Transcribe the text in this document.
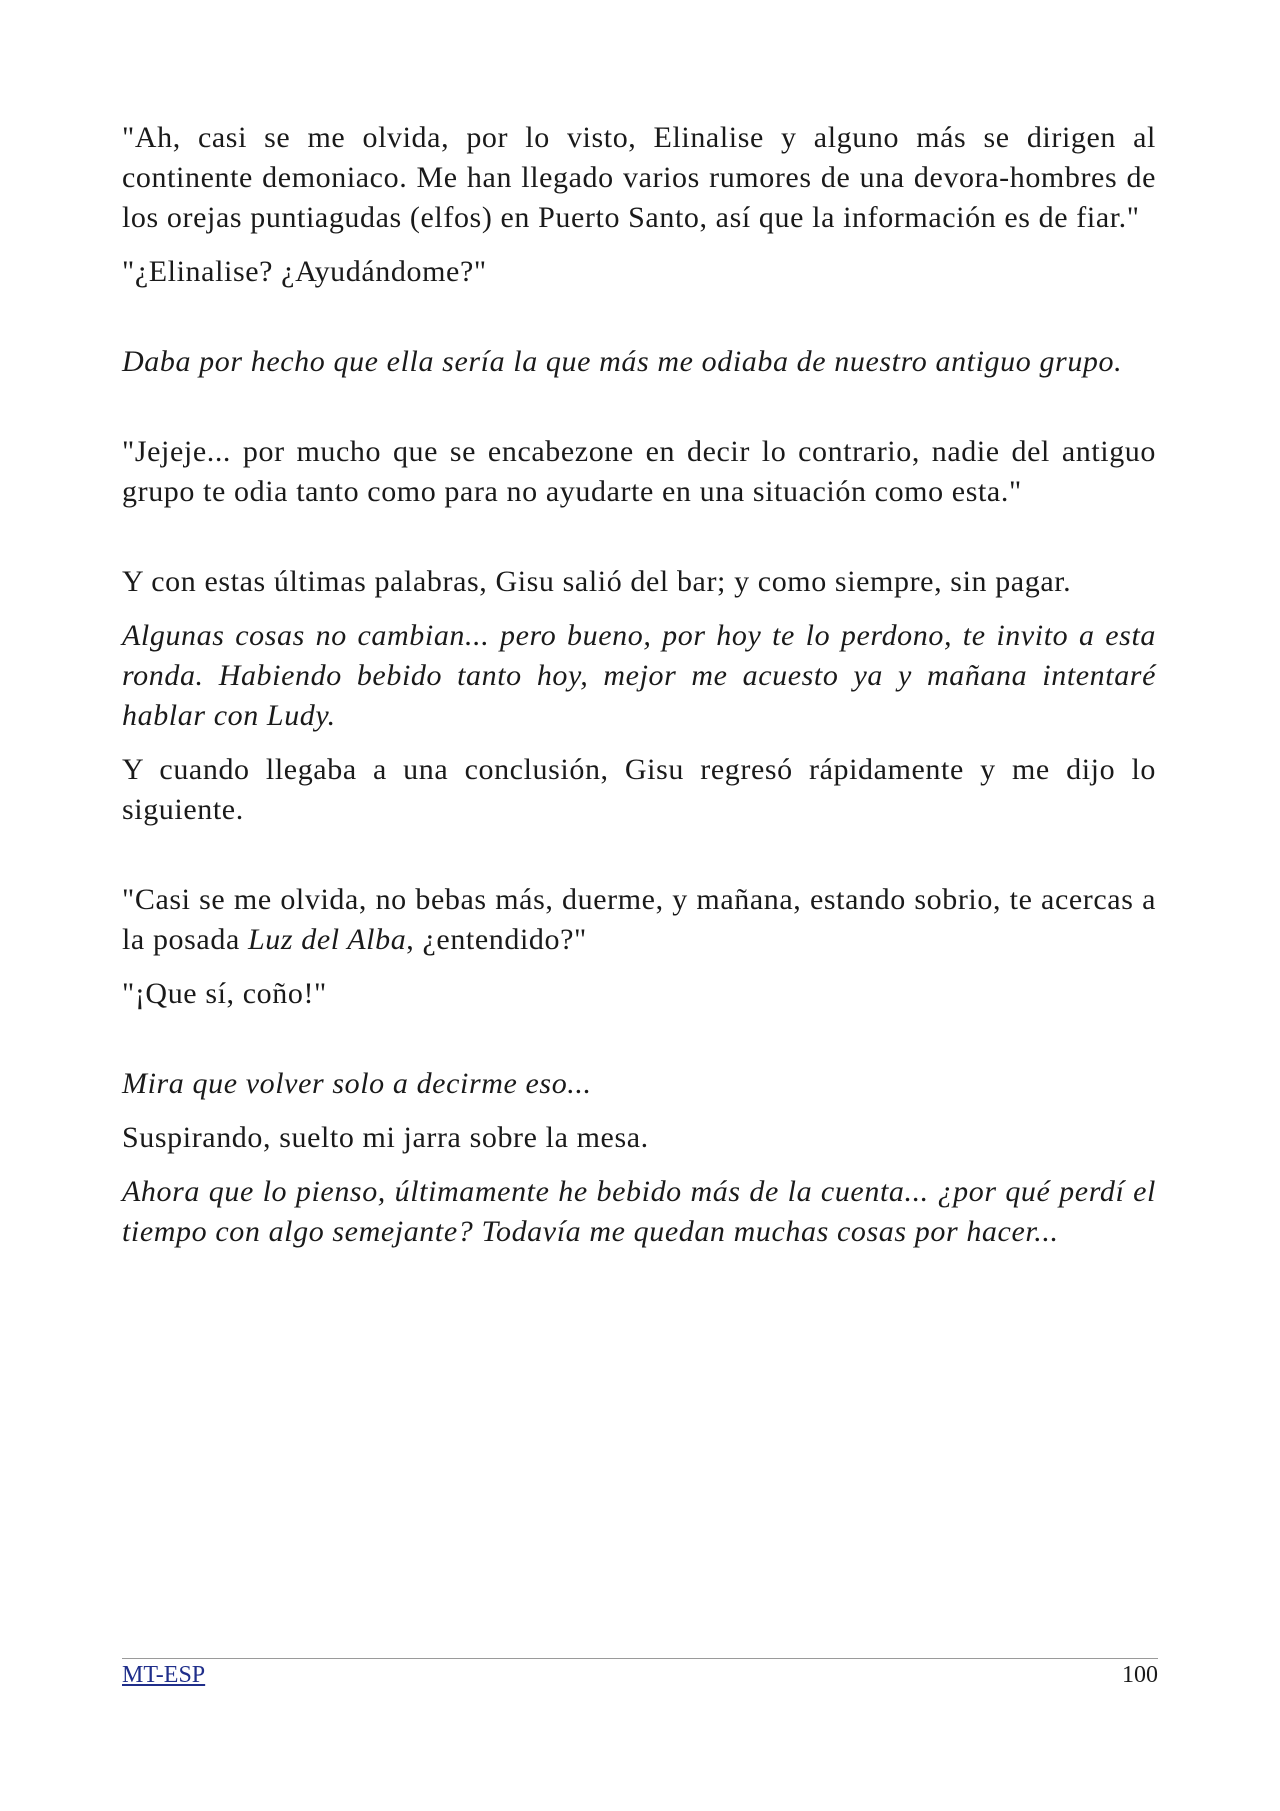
"Ah, casi se me olvida, por lo visto, Elinalise y alguno más se dirigen al continente demoniaco. Me han llegado varios rumores de una devora-hombres de los orejas puntiagudas (elfos) en Puerto Santo, así que la información es de fiar."

"¿Elinalise? ¿Ayudándome?"

Daba por hecho que ella sería la que más me odiaba de nuestro antiguo grupo.

"Jejeje... por mucho que se encabezone en decir lo contrario, nadie del antiguo grupo te odia tanto como para no ayudarte en una situación como esta."

Y con estas últimas palabras, Gisu salió del bar; y como siempre, sin pagar.

Algunas cosas no cambian... pero bueno, por hoy te lo perdono, te invito a esta ronda. Habiendo bebido tanto hoy, mejor me acuesto ya y mañana intentaré hablar con Ludy.

Y cuando llegaba a una conclusión, Gisu regresó rápidamente y me dijo lo siguiente.

"Casi se me olvida, no bebas más, duerme, y mañana, estando sobrio, te acercas a la posada Luz del Alba, ¿entendido?"

"¡Que sí, coño!"

Mira que volver solo a decirme eso...

Suspirando, suelto mi jarra sobre la mesa.

Ahora que lo pienso, últimamente he bebido más de la cuenta... ¿por qué perdí el tiempo con algo semejante? Todavía me quedan muchas cosas por hacer...

MT-ESP	100
